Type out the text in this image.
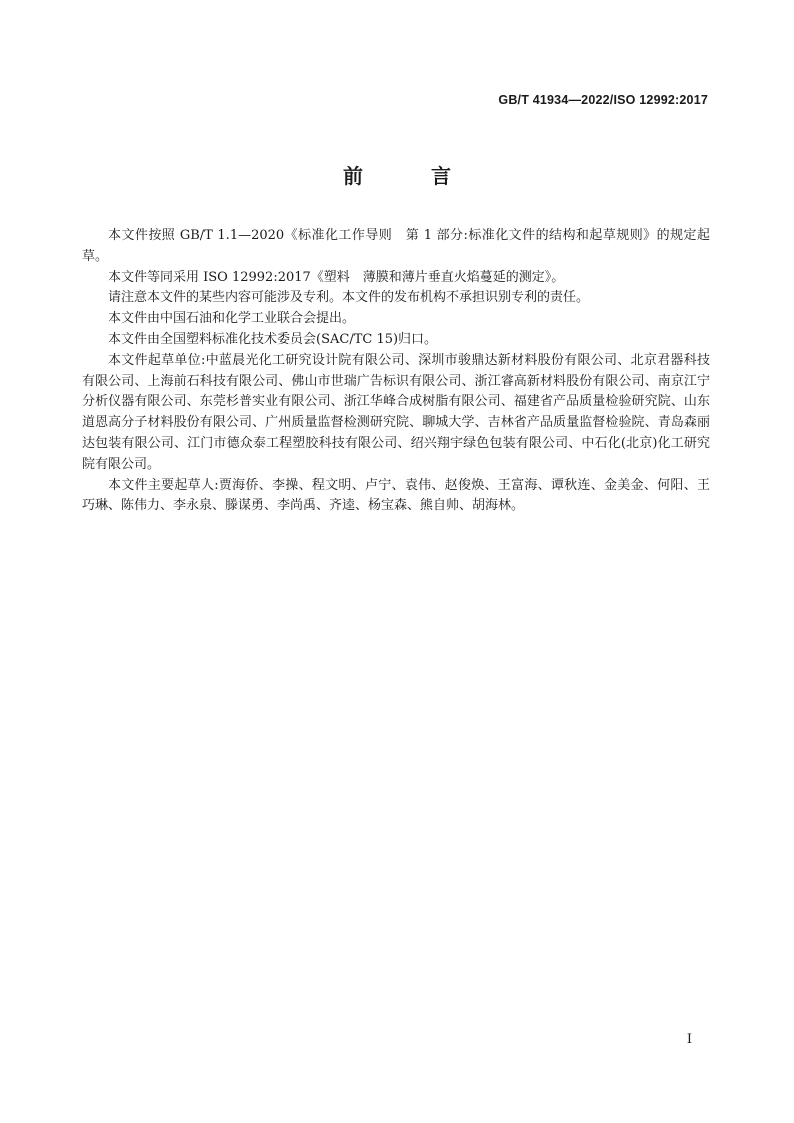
GB/T 41934—2022/ISO 12992:2017
前　言

本文件按照 GB/T 1.1—2020《标准化工作导则　第 1 部分:标准化文件的结构和起草规则》的规定起草。

本文件等同采用 ISO 12992:2017《塑料　薄膜和薄片垂直火焰蔓延的测定》。

请注意本文件的某些内容可能涉及专利。本文件的发布机构不承担识别专利的责任。

本文件由中国石油和化学工业联合会提出。

本文件由全国塑料标准化技术委员会(SAC/TC 15)归口。

本文件起草单位:中蓝晨光化工研究设计院有限公司、深圳市骏鼎达新材料股份有限公司、北京君器科技有限公司、上海前石科技有限公司、佛山市世瑞广告标识有限公司、浙江睿高新材料股份有限公司、南京江宁分析仪器有限公司、东莞杉普实业有限公司、浙江华峰合成树脂有限公司、福建省产品质量检验研究院、山东道恩高分子材料股份有限公司、广州质量监督检测研究院、聊城大学、吉林省产品质量监督检验院、青岛森丽达包装有限公司、江门市德众泰工程塑胶科技有限公司、绍兴翔宇绿色包装有限公司、中石化(北京)化工研究院有限公司。

本文件主要起草人:贾海侨、李操、程文明、卢宁、袁伟、赵俊焕、王富海、谭秋连、金美金、何阳、王巧琳、陈伟力、李永泉、滕谋勇、李尚禹、齐逵、杨宝森、熊自帅、胡海林。

I
